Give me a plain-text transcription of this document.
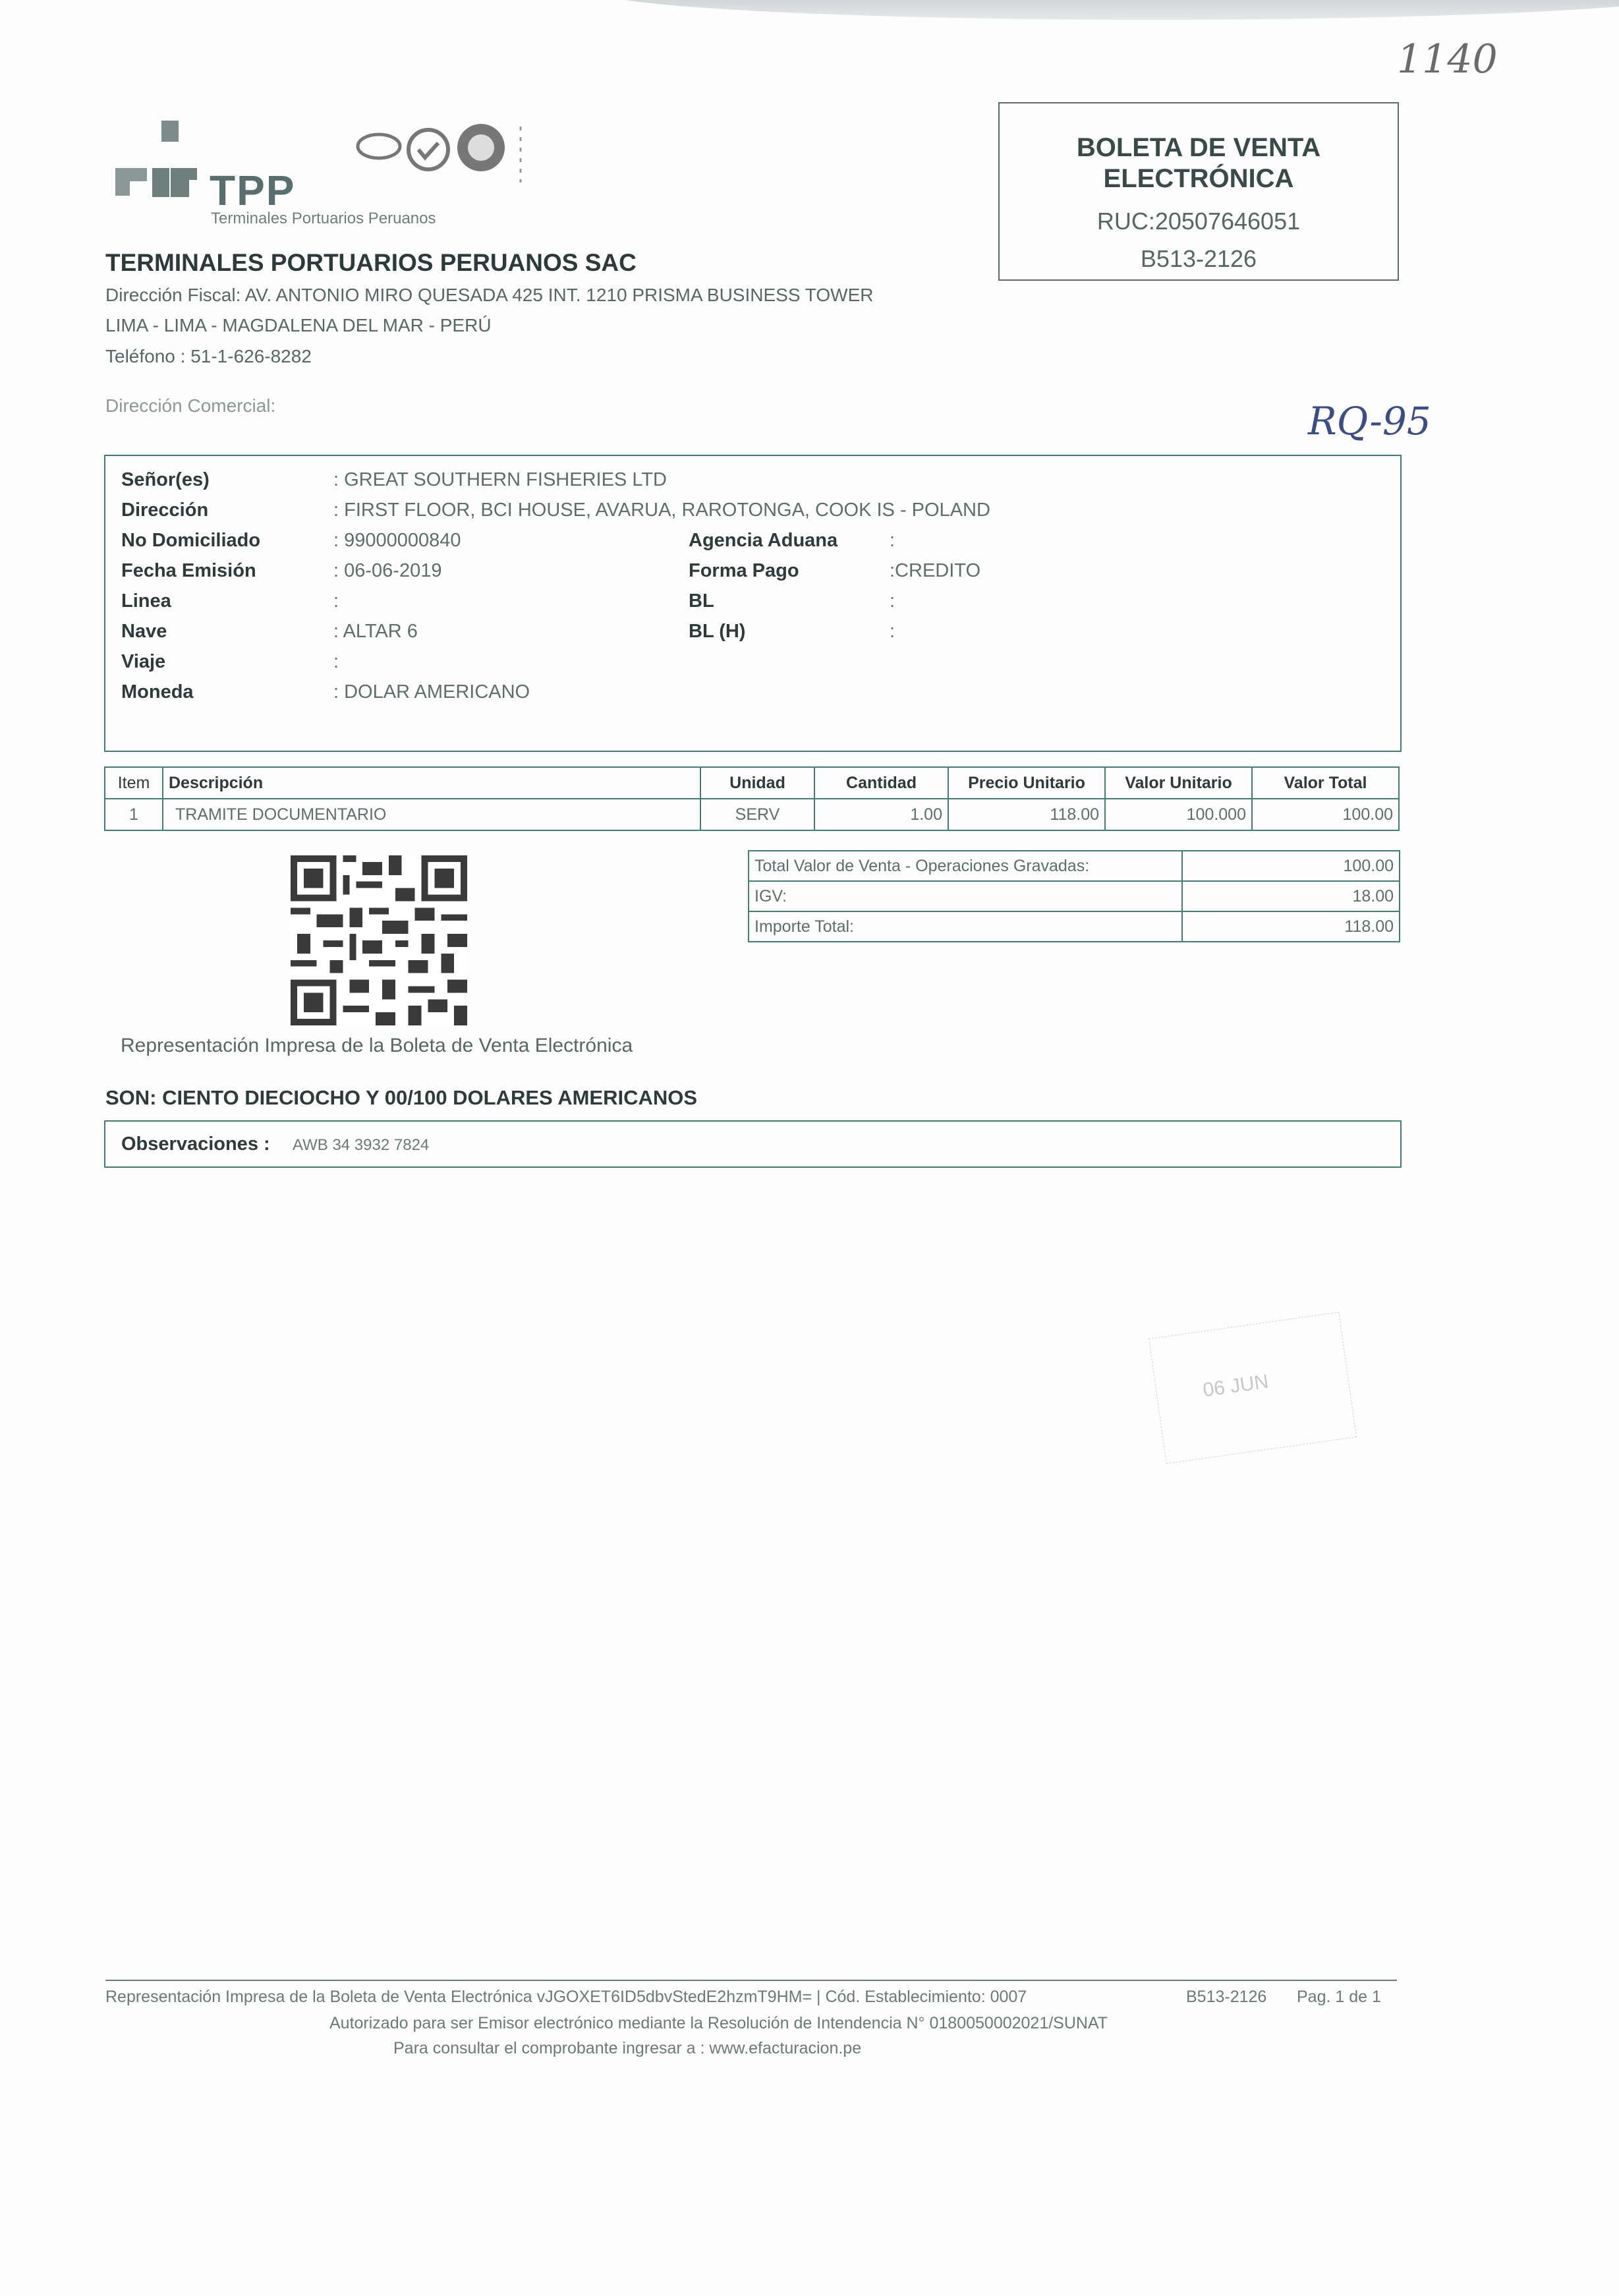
1140
RQ-95
TPP
Terminales Portuarios Peruanos
TERMINALES PORTUARIOS PERUANOS SAC
Dirección Fiscal: AV. ANTONIO MIRO QUESADA 425 INT. 1210 PRISMA BUSINESS TOWER
LIMA - LIMA - MAGDALENA DEL MAR - PERÚ
Teléfono : 51-1-626-8282
Dirección Comercial:
BOLETA DE VENTA
ELECTRÓNICA
RUC:20507646051
B513-2126
Señor(es)	: GREAT SOUTHERN FISHERIES LTD
Dirección	: FIRST FLOOR, BCI HOUSE, AVARUA, RAROTONGA, COOK IS - POLAND
No Domiciliado	: 99000000840
Fecha Emisión	: 06-06-2019
Linea	:
Nave	: ALTAR 6
Viaje	:
Moneda	: DOLAR AMERICANO
Agencia Aduana	:
Forma Pago	:CREDITO
BL	:
BL (H)	:
Item	Descripción	Unidad	Cantidad	Precio Unitario	Valor Unitario	Valor Total
1	TRAMITE DOCUMENTARIO	SERV	1.00	118.00	100.000	100.00
Total Valor de Venta - Operaciones Gravadas:	100.00
IGV:	18.00
Importe Total:	118.00
Representación Impresa de la Boleta de Venta Electrónica
SON: CIENTO DIECIOCHO Y 00/100 DOLARES AMERICANOS
Observaciones : AWB 34 3932 7824
06 JUN
Representación Impresa de la Boleta de Venta Electrónica vJGOXET6ID5dbvStedE2hzmT9HM= | Cód. Establecimiento: 0007	B513-2126 Pag. 1 de 1
Autorizado para ser Emisor electrónico mediante la Resolución de Intendencia N° 0180050002021/SUNAT
Para consultar el comprobante ingresar a : www.efacturacion.pe
